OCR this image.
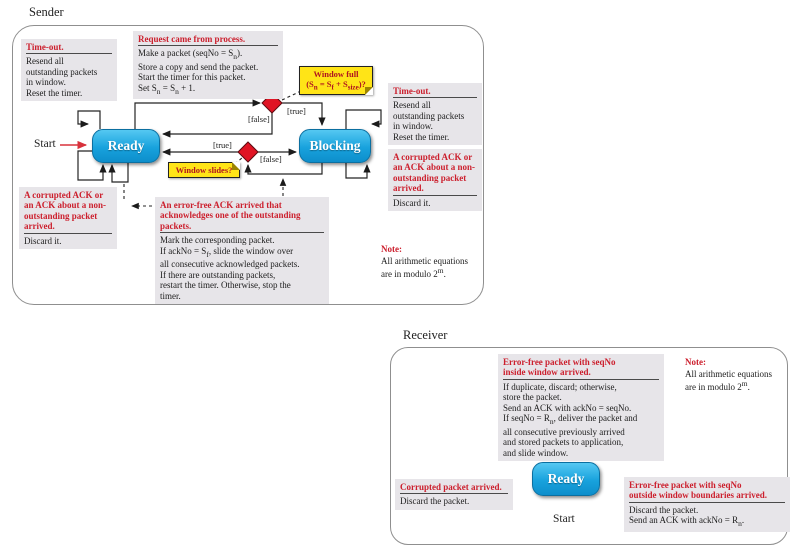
Sender
Time-out.
Resend all
outstanding packets
in window.
Reset the timer.
Request came from process.
Make a packet (seqNo = $S_n$).
Store a copy and send the packet.
Start the timer for this packet.
Set $S_n = S_n + 1$.	Time-out.
Resend all
outstanding packets
in window.
Reset the timer.
A corrupted ACK or
an ACK about a non-
outstanding packet
arrived.
Discard it.
A corrupted ACK or
an ACK about a non-
outstanding packet
arrived.
Discard it.
An error-free ACK arrived that
acknowledges one of the outstanding
packets.
Mark the corresponding packet.
If ackNo = $S_f$, slide the window over
all consecutive acknowledged packets.
If there are outstanding packets,
restart the timer. Otherwise, stop the
timer.
Note:
All arithmetic equations
are in modulo 2$^m$.
Window full
$(S_n = S_f + S_{size})$?
Window slides?
Ready	Blocking
[true]
[false]
[true]
[false]
Start
Receiver
Error-free packet with seqNo
inside window arrived.
If duplicate, discard; otherwise,
store the packet.
Send an ACK with ackNo = seqNo.
If seqNo = $R_n$, deliver the packet and
all consecutive previously arrived
and stored packets to application,
and slide window.
Note:
All arithmetic equations
are in modulo 2$^m$.
Corrupted packet arrived.
Discard the packet.
Error-free packet with seqNo
outside window boundaries arrived.
Discard the packet.
Send an ACK with ackNo = $R_n$.
Ready
Start
